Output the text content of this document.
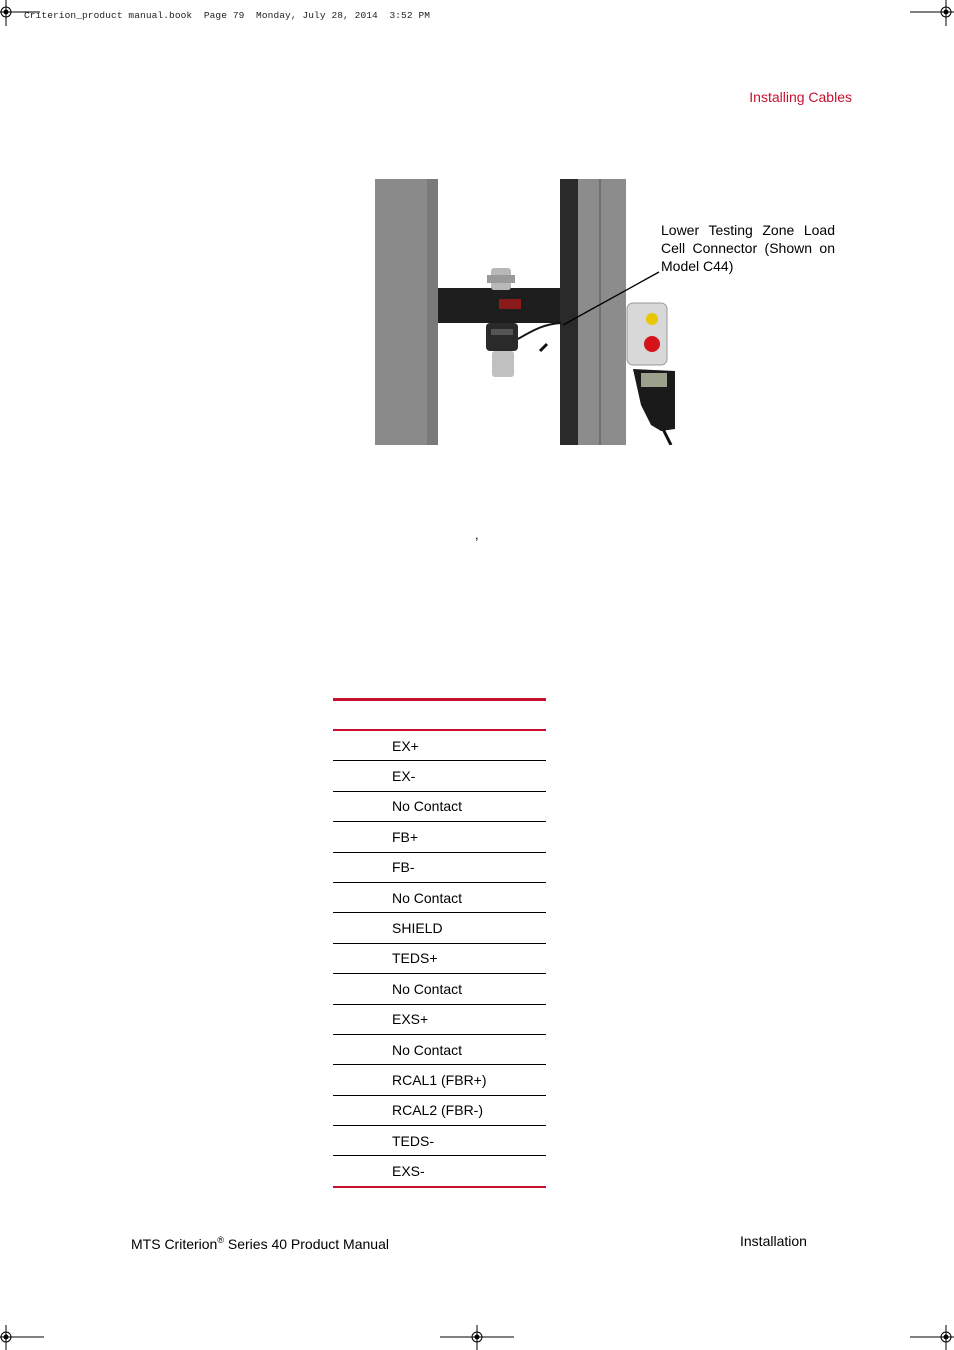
Criterion_product manual.book  Page 79  Monday, July 28, 2014  3:52 PM
Installing Cables
Lower Testing Zone Load Cell Connector (Shown on Model C44)
,

EX+
EX-
No Contact
FB+
FB-
No Contact
SHIELD
TEDS+
No Contact
EXS+
No Contact
RCAL1 (FBR+)
RCAL2 (FBR-)
TEDS-
EXS-
MTS Criterion® Series 40 Product Manual	Installation
